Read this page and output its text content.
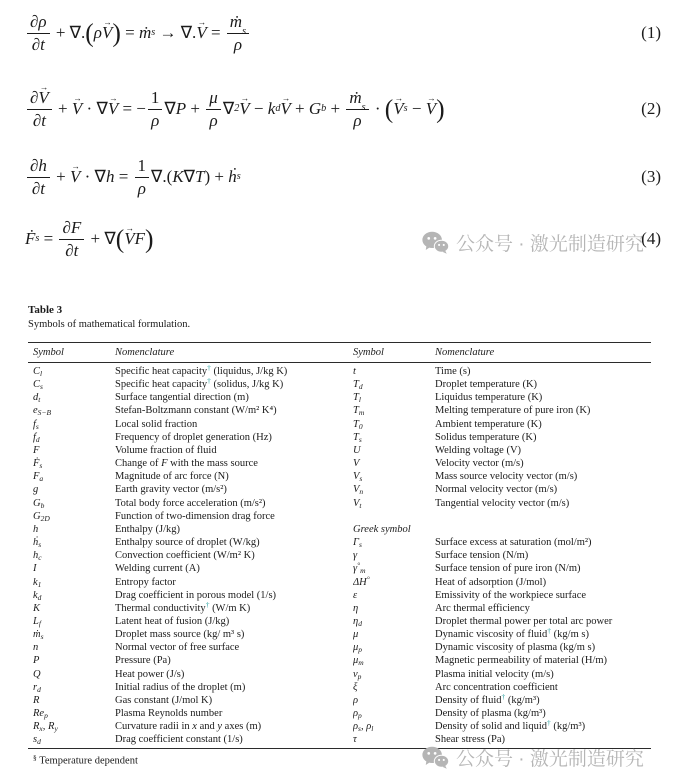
$\frac{\partial\rho}{\partial t}$ + ∇. ( ρ → V ) = ṁ s → ∇. → $V = \frac{\text{ṁ s}}{\rho}$	(1)
$\frac{\partial \to V}{\partial t}$ + → V · ∇ → V = − $\frac{1}{\rho}$ ∇ $P + \frac{\mu}{\rho}$ ∇ 2 → V − k d → V + G $b + \frac{\text{ṁ s}}{\rho}$ · ( → V s − → V )	(2)
$\frac{\partial h}{\partial t}$ + → V · ∇ $h = \frac{1}{\rho}$ ∇.( K ∇ T ) + ḣ s	(3)
Ḟ $s = \frac{\partial F}{\partial t}$ + ∇ ( → V F )	(4)
公众号 · 激光制造研究
Table 3
Symbols of mathematical formulation.
Symbol	Nomenclature	Symbol	Nomenclature
$C_l$	Specific heat capacity† (liquidus, J/kg K)	t	Time (s)
$C_s$	Specific heat capacity† (solidus, J/kg K)	$T_d$	Droplet temperature (K)
$d_t$	Surface tangential direction (m)	$T_l$	Liquidus temperature (K)
$e_{S-B}$	Stefan-Boltzmann constant (W/m² K⁴)	$T_m$	Melting temperature of pure iron (K)
$f_s$	Local solid fraction	$T_0$	Ambient temperature (K)
$f_d$	Frequency of droplet generation (Hz)	$T_s$	Solidus temperature (K)
F	Volume fraction of fluid	U	Welding voltage (V)
Ḟ$_s$	Change of F with the mass source	→ V	Velocity vector (m/s)
$F_a$	Magnitude of arc force (N)	→ $V_s$	Mass source velocity vector (m/s)
→ g	Earth gravity vector (m/s²)	→ $V_n$	Normal velocity vector (m/s)
$G_b$	Total body force acceleration (m/s²)	→ $V_t$	Tangential velocity vector (m/s)
$G_{2D}$	Function of two-dimension drag force
h	Enthalpy (J/kg)	Greek symbol
ḣ$_s$	Enthalpy source of droplet (W/kg)	$\Gamma_s$	Surface excess at saturation (mol/m²)
$h_c$	Convection coefficient (W/m² K)	γ	Surface tension (N/m)
I	Welding current (A)	$\gamma^\circ_m$	Surface tension of pure iron (N/m)
$k_1$	Entropy factor	ΔH°	Heat of adsorption (J/mol)
$k_d$	Drag coefficient in porous model (1/s)	ε	Emissivity of the workpiece surface
K	Thermal conductivity† (W/m K)	η	Arc thermal efficiency
$L_f$	Latent heat of fusion (J/kg)	$\eta_d$	Droplet thermal power per total arc power
ṁ$_s$	Droplet mass source (kg/ m³ s)	μ	Dynamic viscosity of fluid† (kg/m s)
→ n	Normal vector of free surface	$\mu_p$	Dynamic viscosity of plasma (kg/m s)
P	Pressure (Pa)	$\mu_m$	Magnetic permeability of material (H/m)
Q	Heat power (J/s)	$\nu_p$	Plasma initial velocity (m/s)
$r_d$	Initial radius of the droplet (m)	ξ	Arc concentration coefficient
R	Gas constant (J/mol K)	ρ	Density of fluid† (kg/m³)
$Re_p$	Plasma Reynolds number	$\rho_p$	Density of plasma (kg/m³)
$R_x$, $R_y$	Curvature radii in x and y axes (m)	$\rho_s$, $\rho_l$	Density of solid and liquid† (kg/m³)
$s_d$	Drag coefficient constant (1/s)	τ	Shear stress (Pa)
§ Temperature dependent	公众号 · 激光制造研究
